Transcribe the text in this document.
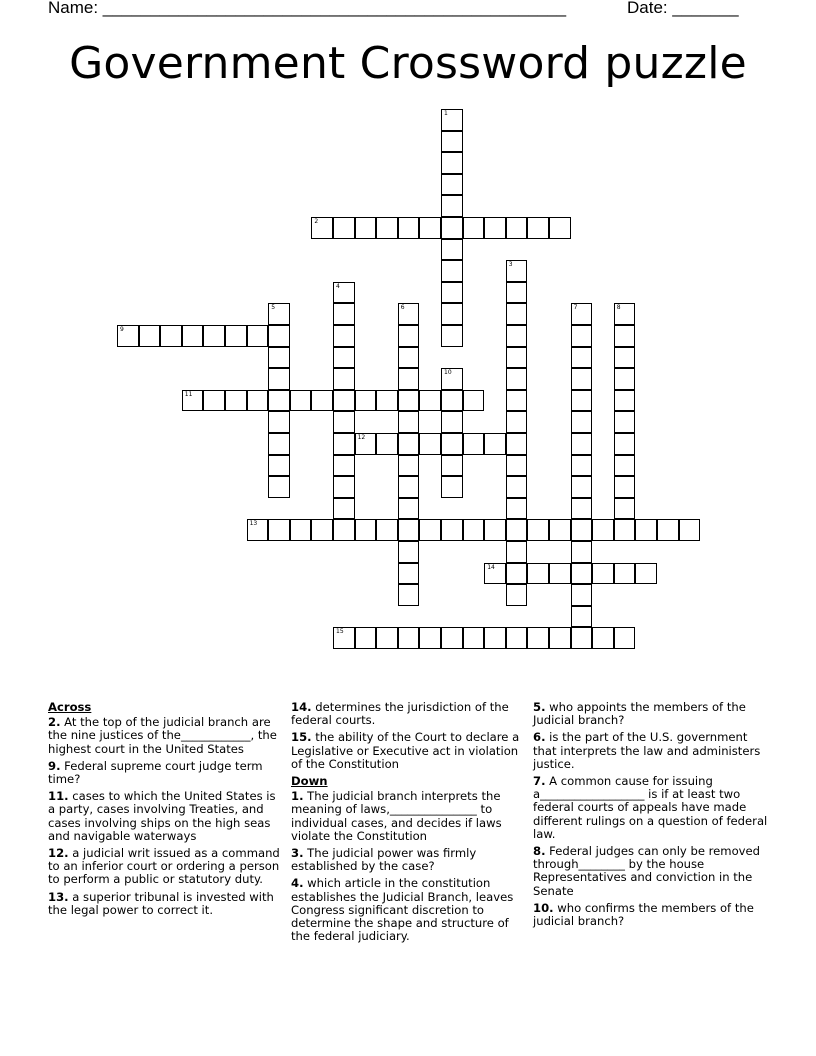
Name: _________________________________________________	Date: _______
Government Crossword puzzle
1
2
3
4
5	6	7	8
9
10
11
12
13
14
15
Across
2. At the top of the judicial branch are the nine justices of the____________, the highest court in the United States
9. Federal supreme court judge term time?
11. cases to which the United States is a party, cases involving Treaties, and cases involving ships on the high seas and navigable waterways
12. a judicial writ issued as a command to an inferior court or ordering a person to perform a public or statutory duty.
13. a superior tribunal is invested with the legal power to correct it.
14. determines the jurisdiction of the federal courts.
15. the ability of the Court to declare a Legislative or Executive act in violation of the Constitution
Down
1. The judicial branch interprets the meaning of laws,_______________ to individual cases, and decides if laws violate the Constitution
3. The judicial power was firmly established by the case?
4. which article in the constitution establishes the Judicial Branch, leaves Congress significant discretion to determine the shape and structure of the federal judiciary.
5. who appoints the members of the Judicial branch?
6. is the part of the U.S. government that interprets the law and administers justice.
7. A common cause for issuing a__________________ is if at least two federal courts of appeals have made different rulings on a question of federal law.
8. Federal judges can only be removed through________ by the house Representatives and conviction in the Senate
10. who confirms the members of the judicial branch?
